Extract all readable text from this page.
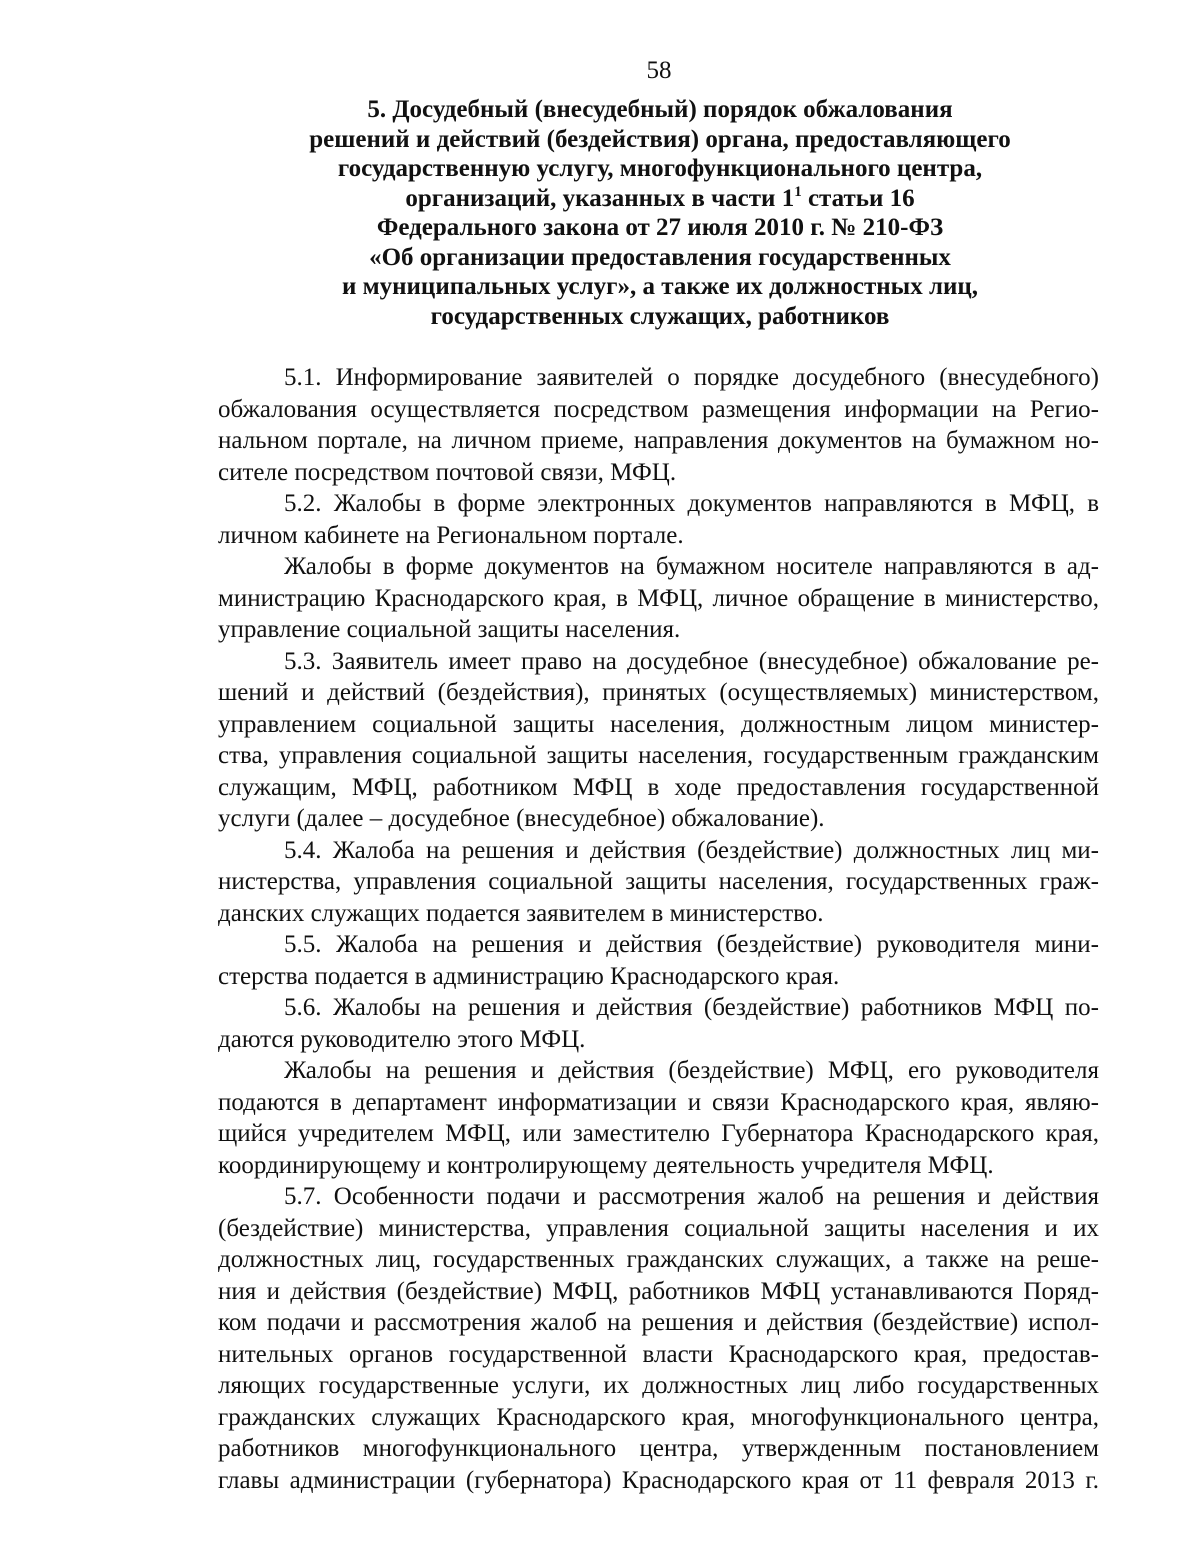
58
5. Досудебный (внесудебный) порядок обжалования
решений и действий (бездействия) органа, предоставляющего
государственную услугу, многофункционального центра,
организаций, указанных в части $1^1$ статьи 16
Федерального закона от 27 июля 2010 г. № 210-ФЗ
«Об организации предоставления государственных
и муниципальных услуг», а также их должностных лиц,
государственных служащих, работников
5.1. Информирование заявителей о порядке досудебного (внесудебного)
обжалования осуществляется посредством размещения информации на Регио-
нальном портале, на личном приеме, направления документов на бумажном но-
сителе посредством почтовой связи, МФЦ.
5.2. Жалобы в форме электронных документов направляются в МФЦ, в
личном кабинете на Региональном портале.
Жалобы в форме документов на бумажном носителе направляются в ад-
министрацию Краснодарского края, в МФЦ, личное обращение в министерство,
управление социальной защиты населения.
5.3. Заявитель имеет право на досудебное (внесудебное) обжалование ре-
шений и действий (бездействия), принятых (осуществляемых) министерством,
управлением социальной защиты населения, должностным лицом министер-
ства, управления социальной защиты населения, государственным гражданским
служащим, МФЦ, работником МФЦ в ходе предоставления государственной
услуги (далее – досудебное (внесудебное) обжалование).
5.4. Жалоба на решения и действия (бездействие) должностных лиц ми-
нистерства, управления социальной защиты населения, государственных граж-
данских служащих подается заявителем в министерство.
5.5. Жалоба на решения и действия (бездействие) руководителя мини-
стерства подается в администрацию Краснодарского края.
5.6. Жалобы на решения и действия (бездействие) работников МФЦ по-
даются руководителю этого МФЦ.
Жалобы на решения и действия (бездействие) МФЦ, его руководителя
подаются в департамент информатизации и связи Краснодарского края, являю-
щийся учредителем МФЦ, или заместителю Губернатора Краснодарского края,
координирующему и контролирующему деятельность учредителя МФЦ.
5.7. Особенности подачи и рассмотрения жалоб на решения и действия
(бездействие) министерства, управления социальной защиты населения и их
должностных лиц, государственных гражданских служащих, а также на реше-
ния и действия (бездействие) МФЦ, работников МФЦ устанавливаются Поряд-
ком подачи и рассмотрения жалоб на решения и действия (бездействие) испол-
нительных органов государственной власти Краснодарского края, предостав-
ляющих государственные услуги, их должностных лиц либо государственных
гражданских служащих Краснодарского края, многофункционального центра,
работников многофункционального центра, утвержденным постановлением
главы администрации (губернатора) Краснодарского края от 11 февраля 2013 г.
